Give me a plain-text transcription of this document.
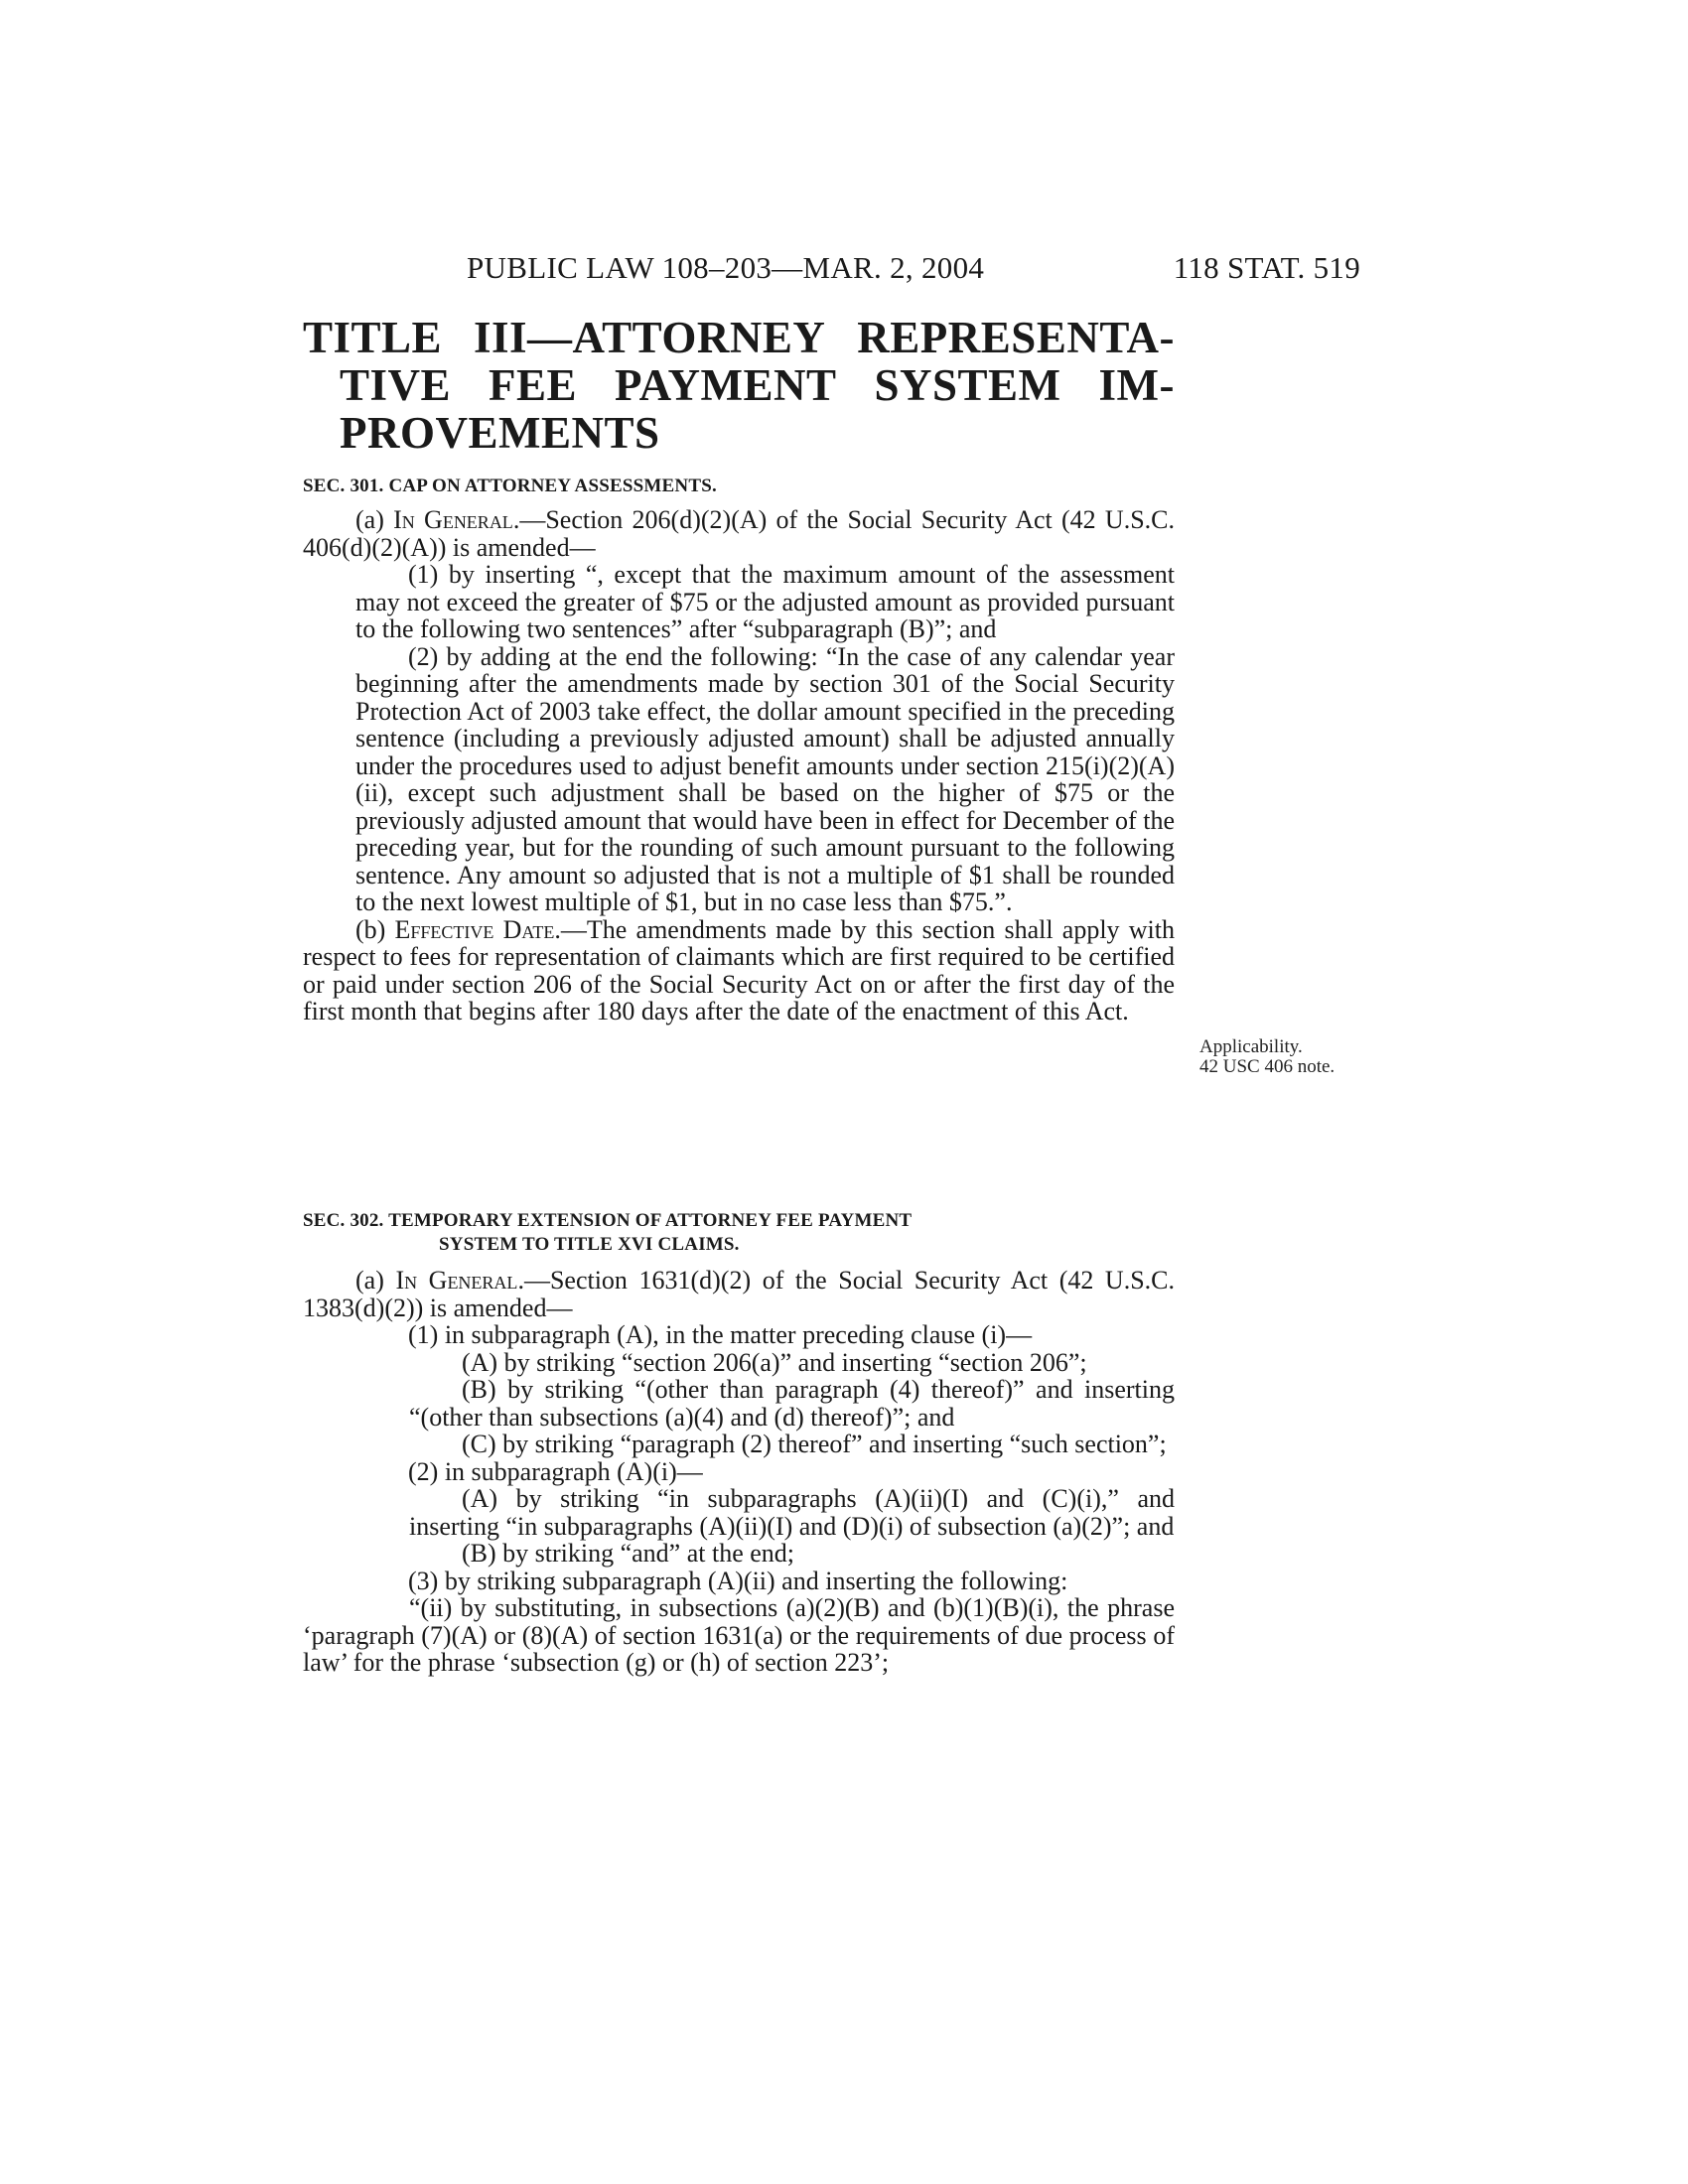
PUBLIC LAW 108–203—MAR. 2, 2004	118 STAT. 519
TITLE III—ATTORNEY REPRESENTA-
TIVE FEE PAYMENT SYSTEM IM-
PROVEMENTS
SEC. 301. CAP ON ATTORNEY ASSESSMENTS.

(a) In General.—Section 206(d)(2)(A) of the Social Security Act (42 U.S.C. 406(d)(2)(A)) is amended—

(1) by inserting “, except that the maximum amount of the assessment may not exceed the greater of $75 or the adjusted amount as provided pursuant to the following two sentences” after “subparagraph (B)”; and

(2) by adding at the end the following: “In the case of any calendar year beginning after the amendments made by section 301 of the Social Security Protection Act of 2003 take effect, the dollar amount specified in the preceding sentence (including a previously adjusted amount) shall be adjusted annually under the procedures used to adjust benefit amounts under section 215(i)(2)(A)(ii), except such adjustment shall be based on the higher of $75 or the previously adjusted amount that would have been in effect for December of the preceding year, but for the rounding of such amount pursuant to the following sentence. Any amount so adjusted that is not a multiple of $1 shall be rounded to the next lowest multiple of $1, but in no case less than $75.”.

(b) Effective Date.—The amendments made by this section shall apply with respect to fees for representation of claimants which are first required to be certified or paid under section 206 of the Social Security Act on or after the first day of the first month that begins after 180 days after the date of the enactment of this Act.

Applicability.
42 USC 406 note.
SEC. 302. TEMPORARY EXTENSION OF ATTORNEY FEE PAYMENT
SYSTEM TO TITLE XVI CLAIMS.

(a) In General.—Section 1631(d)(2) of the Social Security Act (42 U.S.C. 1383(d)(2)) is amended—

(1) in subparagraph (A), in the matter preceding clause (i)—

(A) by striking “section 206(a)” and inserting “section 206”;

(B) by striking “(other than paragraph (4) thereof)” and inserting “(other than subsections (a)(4) and (d) thereof)”; and

(C) by striking “paragraph (2) thereof” and inserting “such section”;

(2) in subparagraph (A)(i)—

(A) by striking “in subparagraphs (A)(ii)(I) and (C)(i),” and inserting “in subparagraphs (A)(ii)(I) and (D)(i) of subsection (a)(2)”; and

(B) by striking “and” at the end;

(3) by striking subparagraph (A)(ii) and inserting the following:

“(ii) by substituting, in subsections (a)(2)(B) and (b)(1)(B)(i), the phrase ‘paragraph (7)(A) or (8)(A) of section 1631(a) or the requirements of due process of law’ for the phrase ‘subsection (g) or (h) of section 223’;
